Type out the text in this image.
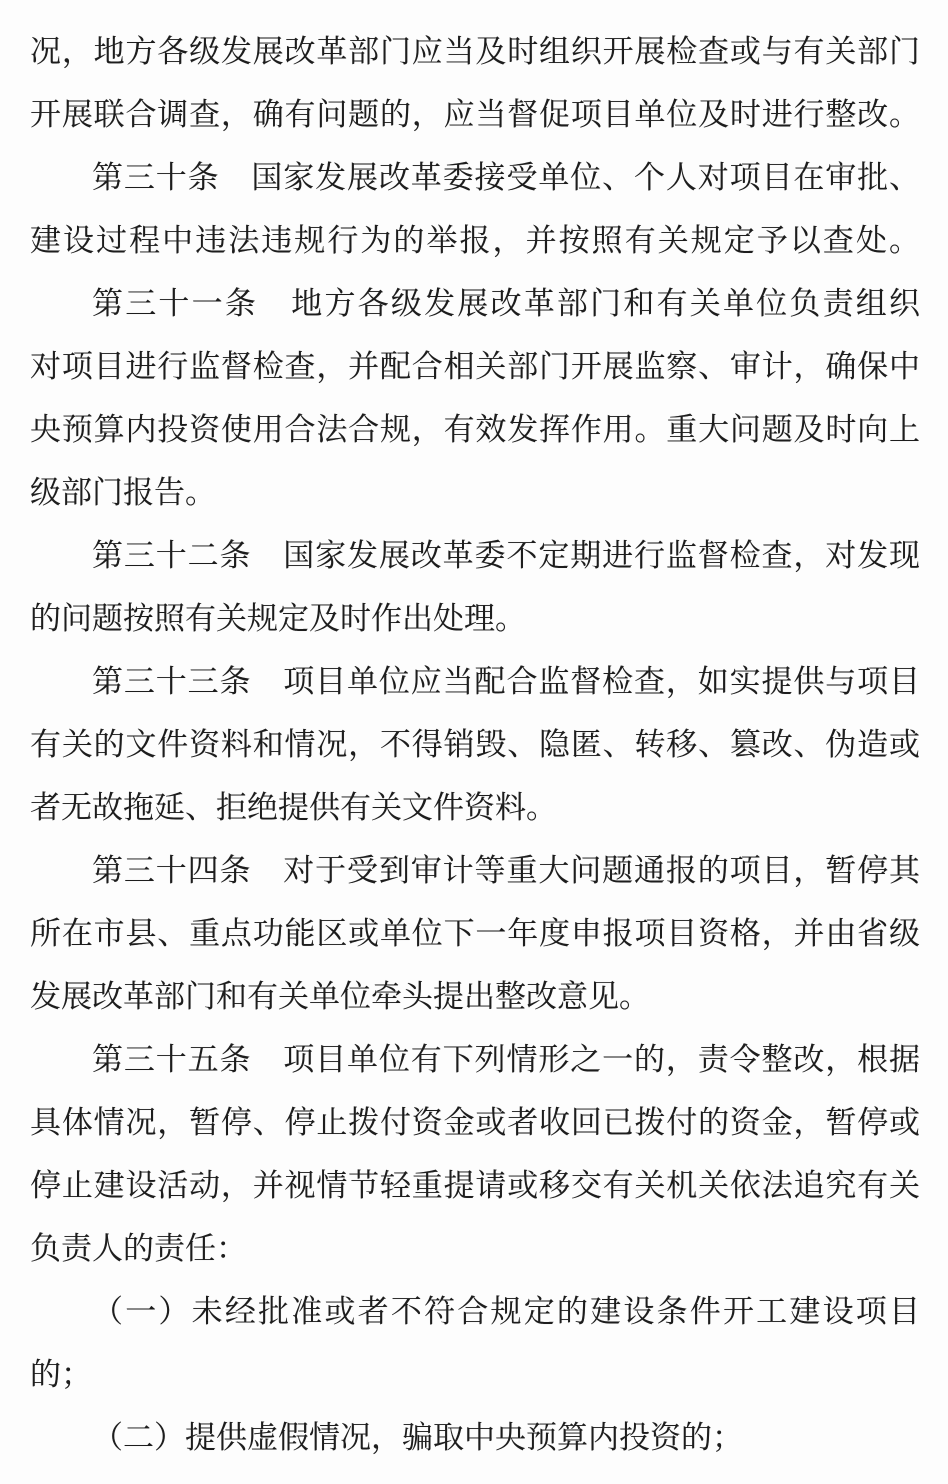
况，地方各级发展改革部门应当及时组织开展检查或与有关部门
开展联合调查，确有问题的，应当督促项目单位及时进行整改。
第三十条　国家发展改革委接受单位、个人对项目在审批、
建设过程中违法违规行为的举报，并按照有关规定予以查处。
第三十一条　地方各级发展改革部门和有关单位负责组织
对项目进行监督检查，并配合相关部门开展监察、审计，确保中
央预算内投资使用合法合规，有效发挥作用。重大问题及时向上
级部门报告。
第三十二条　国家发展改革委不定期进行监督检查，对发现
的问题按照有关规定及时作出处理。
第三十三条　项目单位应当配合监督检查，如实提供与项目
有关的文件资料和情况，不得销毁、隐匿、转移、篡改、伪造或
者无故拖延、拒绝提供有关文件资料。
第三十四条　对于受到审计等重大问题通报的项目，暂停其
所在市县、重点功能区或单位下一年度申报项目资格，并由省级
发展改革部门和有关单位牵头提出整改意见。
第三十五条　项目单位有下列情形之一的，责令整改，根据
具体情况，暂停、停止拨付资金或者收回已拨付的资金，暂停或
停止建设活动，并视情节轻重提请或移交有关机关依法追究有关
负责人的责任：
（一）未经批准或者不符合规定的建设条件开工建设项目
的；
（二）提供虚假情况，骗取中央预算内投资的；
